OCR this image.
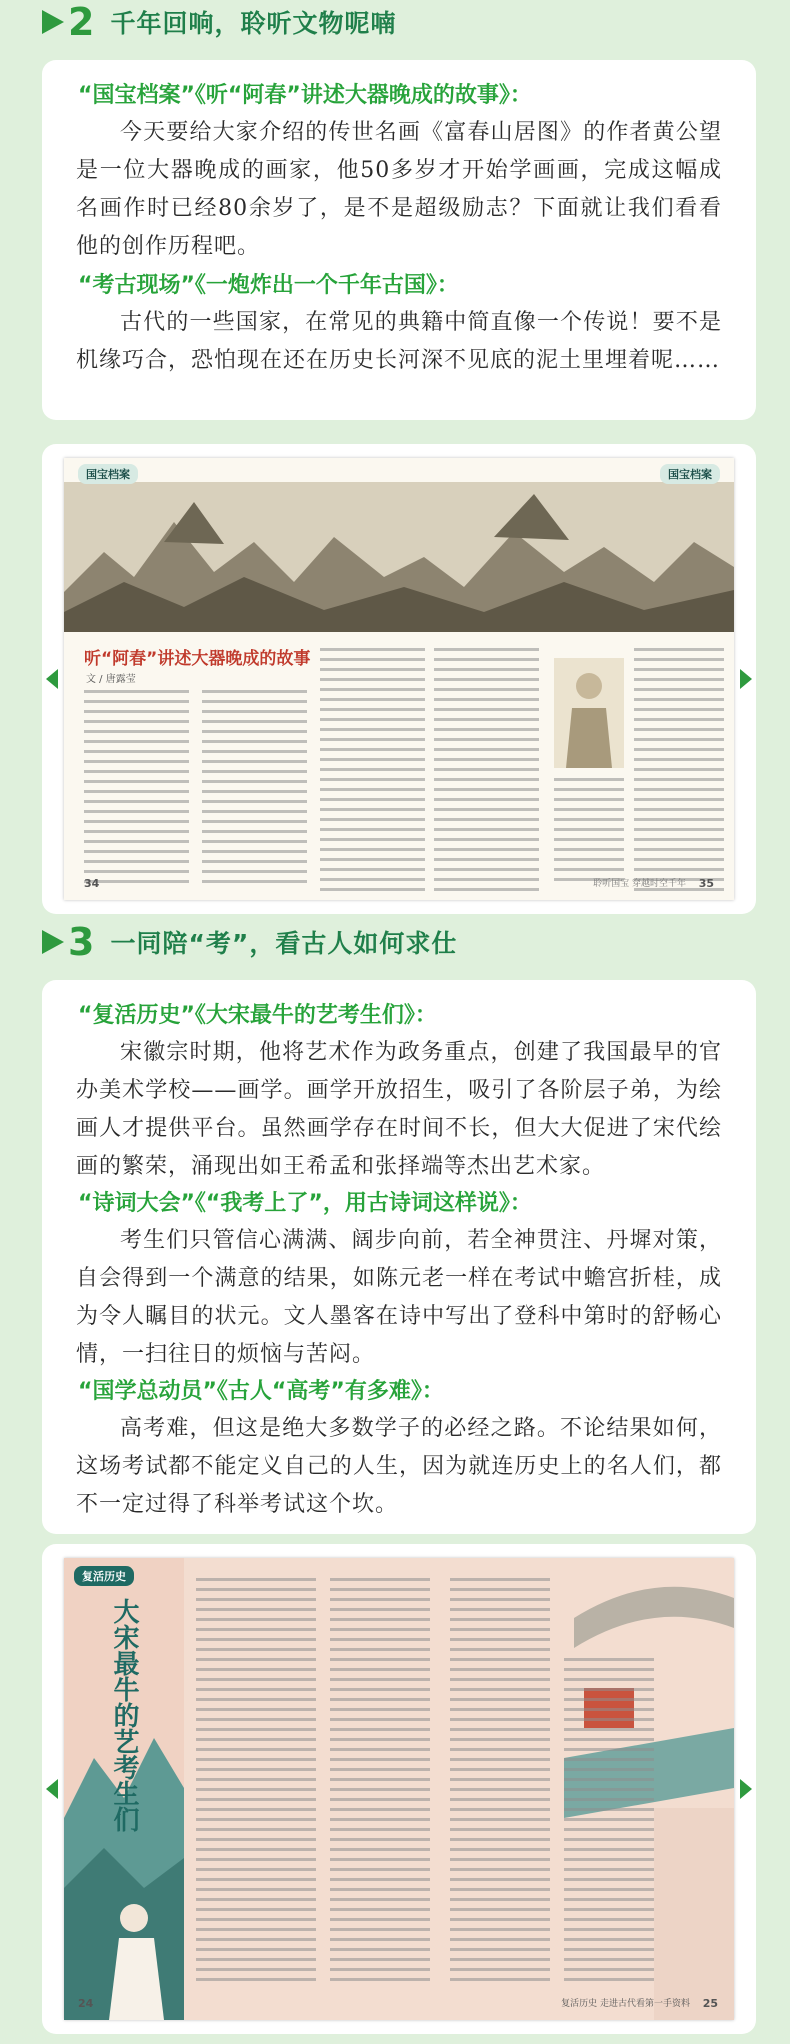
2 千年回响，聆听文物呢喃
“国宝档案”《听“阿春”讲述大器晚成的故事》：

今天要给大家介绍的传世名画《富春山居图》的作者黄公望是一位大器晚成的画家，他50多岁才开始学画画，完成这幅成名画作时已经80余岁了，是不是超级励志？下面就让我们看看他的创作历程吧。

“考古现场”《一炮炸出一个千年古国》：

古代的一些国家，在常见的典籍中简直像一个传说！要不是机缘巧合，恐怕现在还在历史长河深不见底的泥土里埋着呢……

国宝档案	国宝档案
听“阿春”讲述大器晚成的故事
文 / 唐露莹
34	35
聆听国宝 穿越时空千年
3 一同陪“考”，看古人如何求仕
“复活历史”《大宋最牛的艺考生们》：

宋徽宗时期，他将艺术作为政务重点，创建了我国最早的官办美术学校——画学。画学开放招生，吸引了各阶层子弟，为绘画人才提供平台。虽然画学存在时间不长，但大大促进了宋代绘画的繁荣，涌现出如王希孟和张择端等杰出艺术家。

“诗词大会”《“我考上了”，用古诗词这样说》：

考生们只管信心满满、阔步向前，若全神贯注、丹墀对策，自会得到一个满意的结果，如陈元老一样在考试中蟾宫折桂，成为令人瞩目的状元。文人墨客在诗中写出了登科中第时的舒畅心情，一扫往日的烦恼与苦闷。

“国学总动员”《古人“高考”有多难》：

高考难，但这是绝大多数学子的必经之路。不论结果如何，这场考试都不能定义自己的人生，因为就连历史上的名人们，都不一定过得了科举考试这个坎。

复活历史
大宋最牛的艺考生们
24	25
复活历史 走进古代看第一手资料
